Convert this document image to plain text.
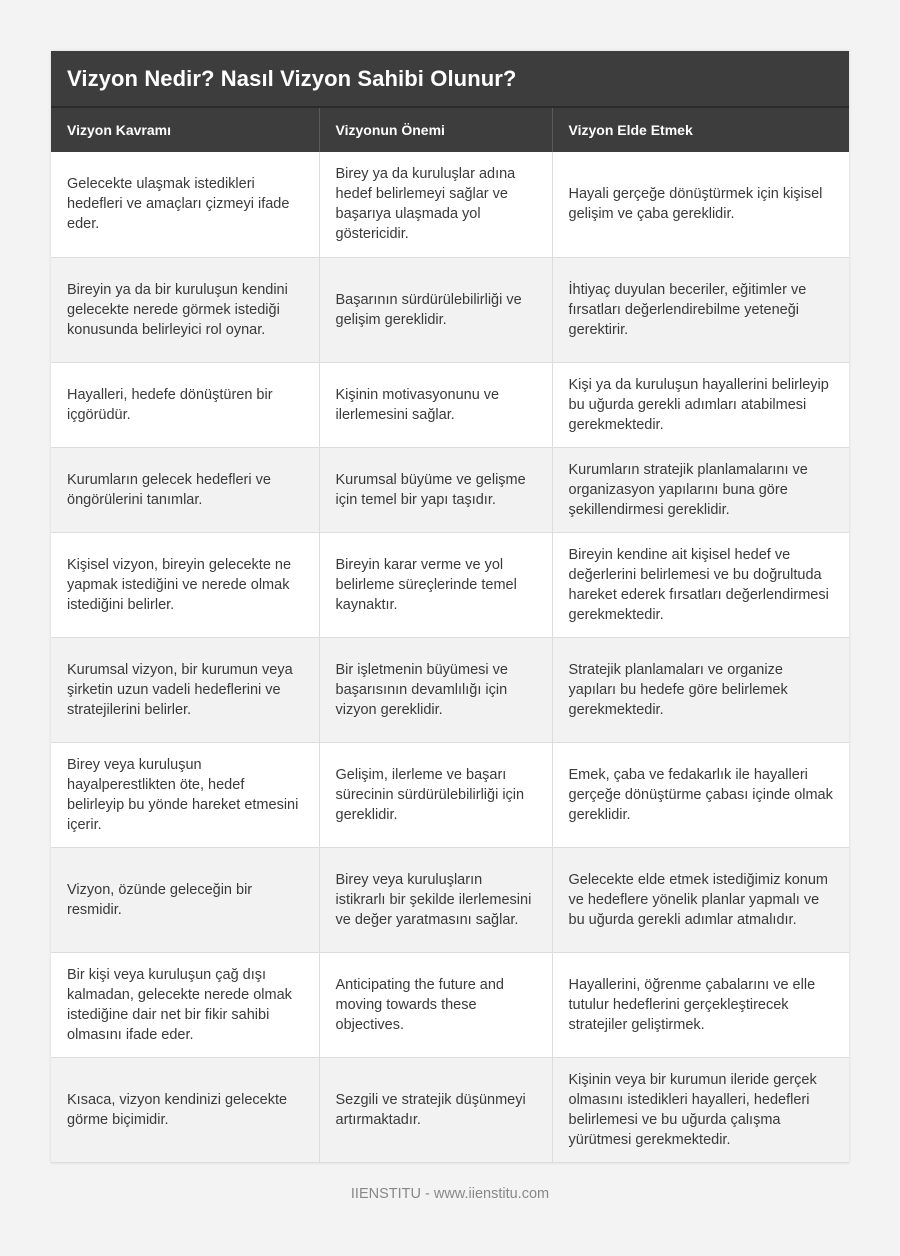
Vizyon Nedir? Nasıl Vizyon Sahibi Olunur?
Vizyon Kavramı	Vizyonun Önemi	Vizyon Elde Etmek
Gelecekte ulaşmak istedikleri hedefleri ve amaçları çizmeyi ifade eder.	Birey ya da kuruluşlar adına hedef belirlemeyi sağlar ve başarıya ulaşmada yol göstericidir.	Hayali gerçeğe dönüştürmek için kişisel gelişim ve çaba gereklidir.
Bireyin ya da bir kuruluşun kendini gelecekte nerede görmek istediği konusunda belirleyici rol oynar.	Başarının sürdürülebilirliği ve gelişim gereklidir.	İhtiyaç duyulan beceriler, eğitimler ve fırsatları değerlendirebilme yeteneği gerektirir.
Hayalleri, hedefe dönüştüren bir içgörüdür.	Kişinin motivasyonunu ve ilerlemesini sağlar.	Kişi ya da kuruluşun hayallerini belirleyip bu uğurda gerekli adımları atabilmesi gerekmektedir.
Kurumların gelecek hedefleri ve öngörülerini tanımlar.	Kurumsal büyüme ve gelişme için temel bir yapı taşıdır.	Kurumların stratejik planlamalarını ve organizasyon yapılarını buna göre şekillendirmesi gereklidir.
Kişisel vizyon, bireyin gelecekte ne yapmak istediğini ve nerede olmak istediğini belirler.	Bireyin karar verme ve yol belirleme süreçlerinde temel kaynaktır.	Bireyin kendine ait kişisel hedef ve değerlerini belirlemesi ve bu doğrultuda hareket ederek fırsatları değerlendirmesi gerekmektedir.
Kurumsal vizyon, bir kurumun veya şirketin uzun vadeli hedeflerini ve stratejilerini belirler.	Bir işletmenin büyümesi ve başarısının devamlılığı için vizyon gereklidir.	Stratejik planlamaları ve organize yapıları bu hedefe göre belirlemek gerekmektedir.
Birey veya kuruluşun hayalperestlikten öte, hedef belirleyip bu yönde hareket etmesini içerir.	Gelişim, ilerleme ve başarı sürecinin sürdürülebilirliği için gereklidir.	Emek, çaba ve fedakarlık ile hayalleri gerçeğe dönüştürme çabası içinde olmak gereklidir.
Vizyon, özünde geleceğin bir resmidir.	Birey veya kuruluşların istikrarlı bir şekilde ilerlemesini ve değer yaratmasını sağlar.	Gelecekte elde etmek istediğimiz konum ve hedeflere yönelik planlar yapmalı ve bu uğurda gerekli adımlar atmalıdır.
Bir kişi veya kuruluşun çağ dışı kalmadan, gelecekte nerede olmak istediğine dair net bir fikir sahibi olmasını ifade eder.	Anticipating the future and moving towards these objectives.	Hayallerini, öğrenme çabalarını ve elle tutulur hedeflerini gerçekleştirecek stratejiler geliştirmek.
Kısaca, vizyon kendinizi gelecekte görme biçimidir.	Sezgili ve stratejik düşünmeyi artırmaktadır.	Kişinin veya bir kurumun ileride gerçek olmasını istedikleri hayalleri, hedefleri belirlemesi ve bu uğurda çalışma yürütmesi gerekmektedir.
IIENSTITU - www.iienstitu.com
